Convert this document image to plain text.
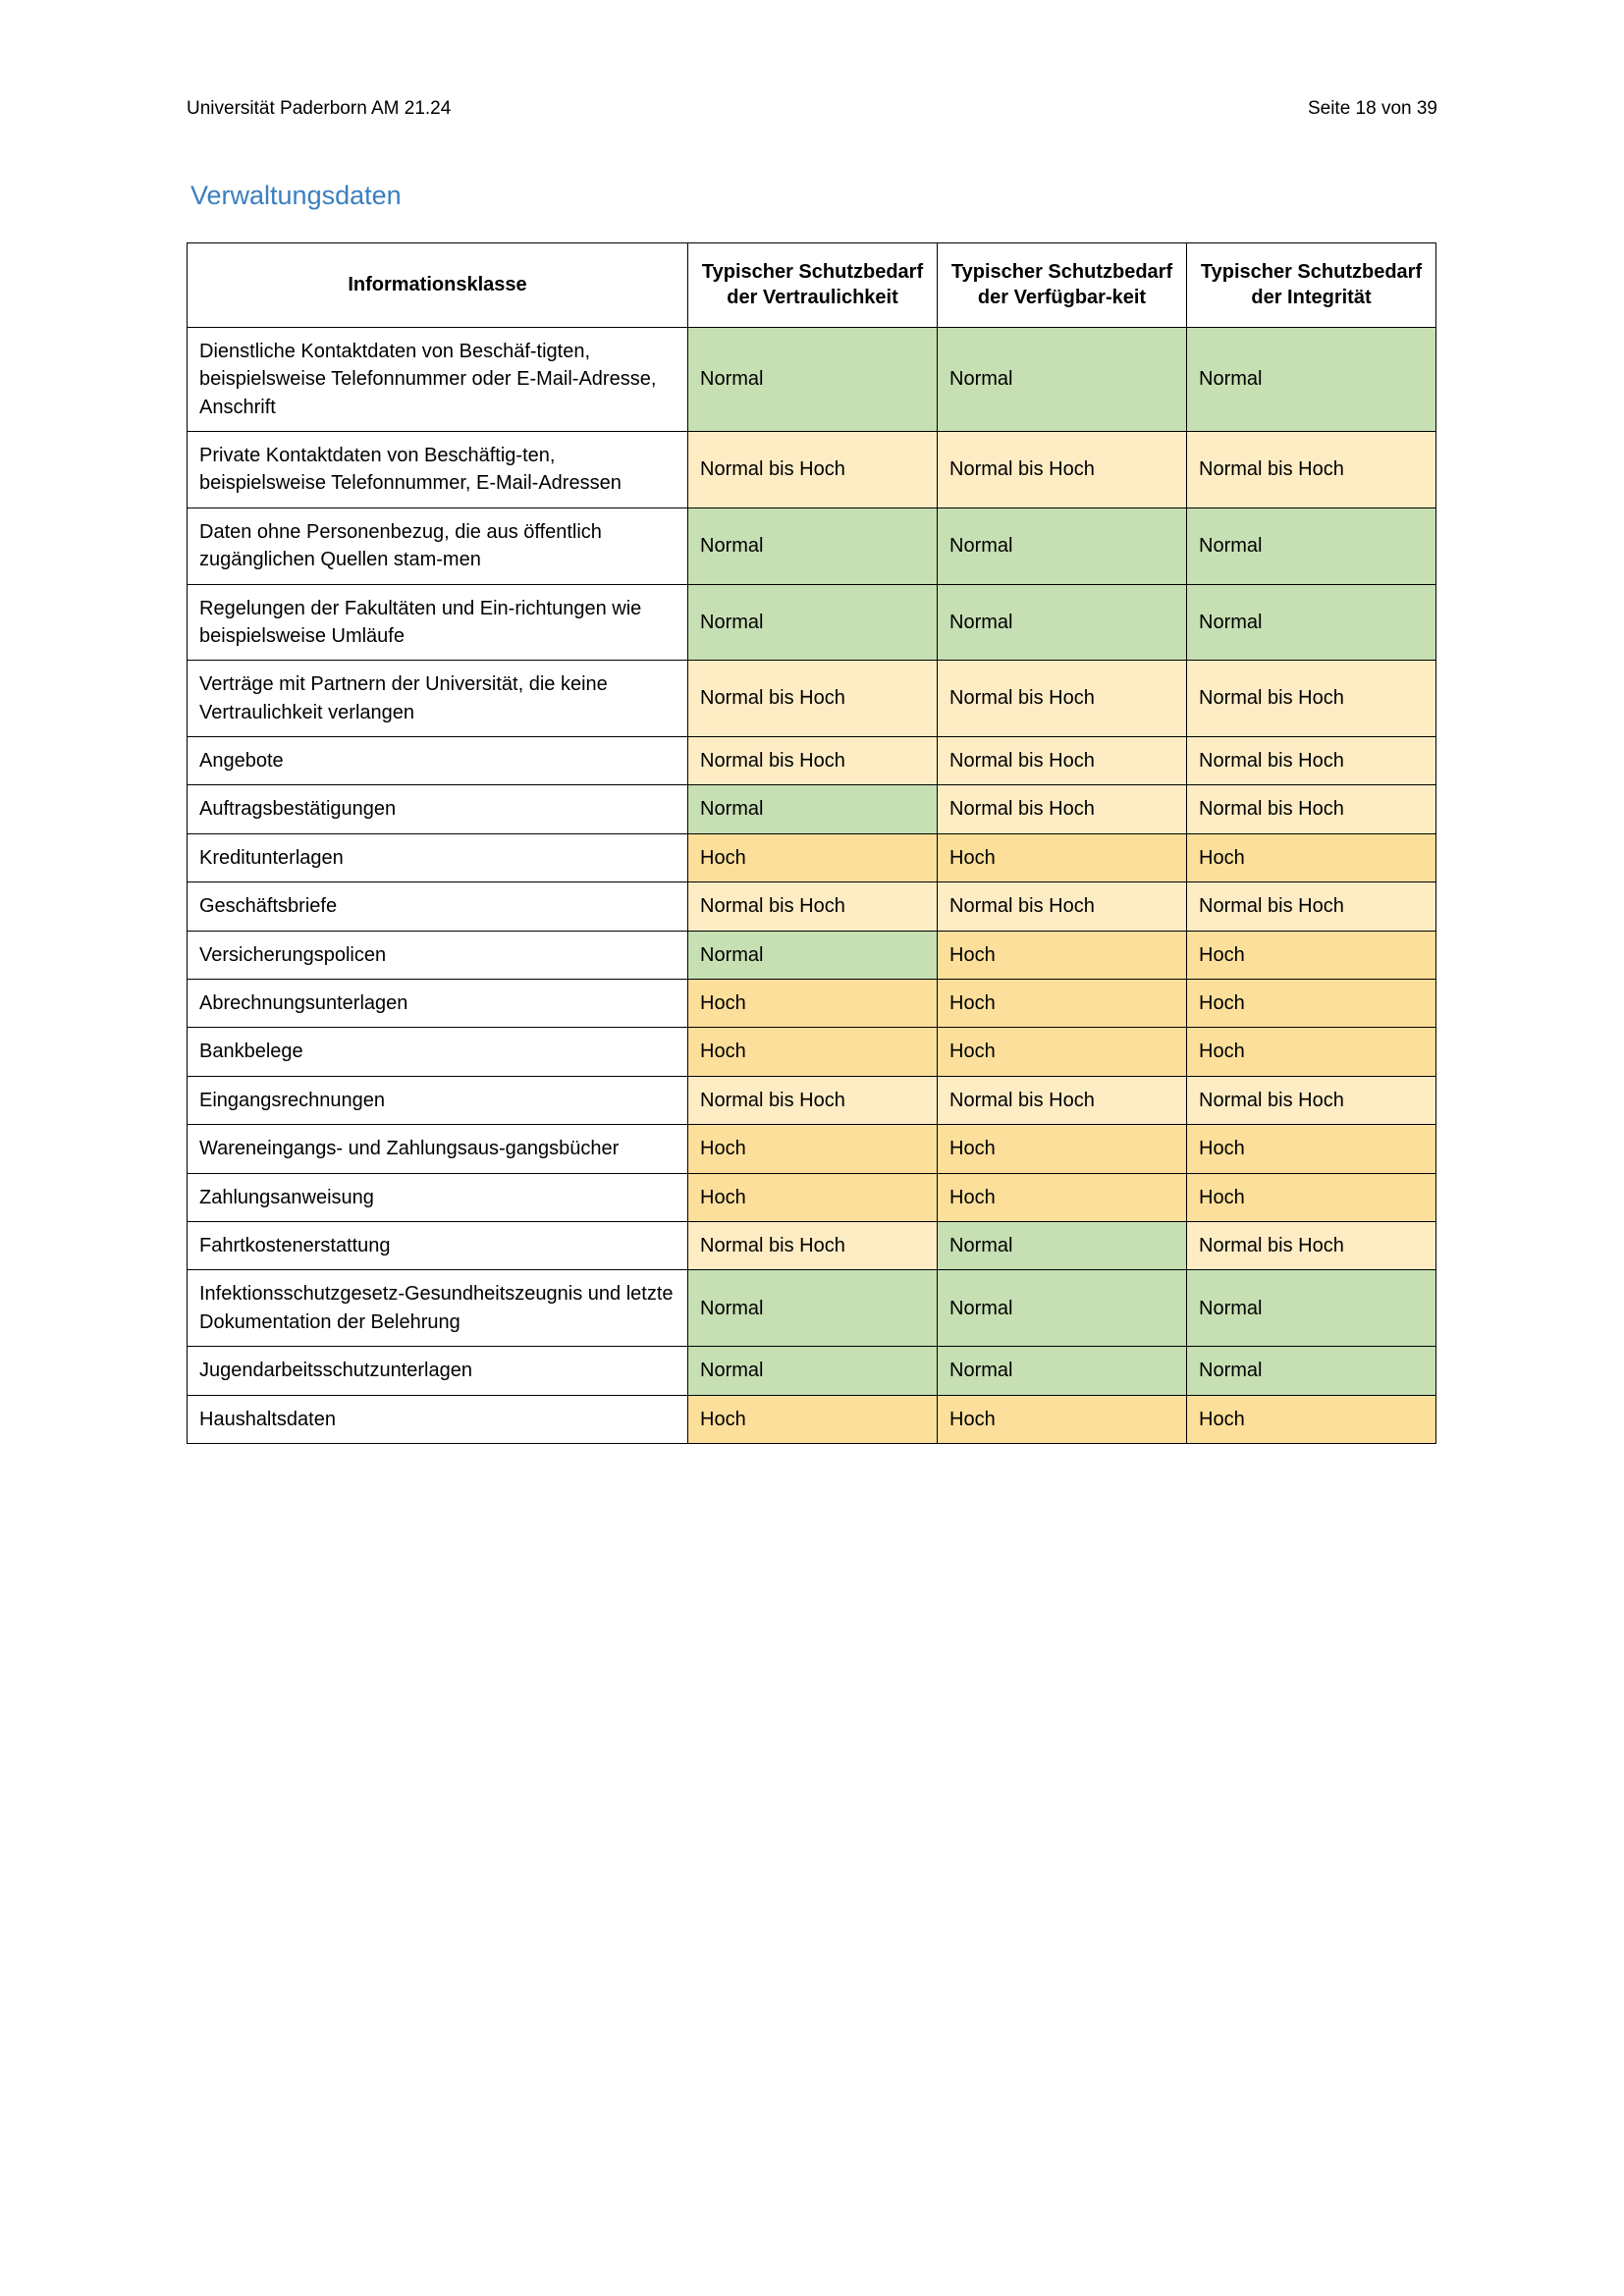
Universität Paderborn AM 21.24	Seite 18 von 39
Verwaltungsdaten
Informationsklasse	Typischer Schutzbedarf der Vertraulichkeit	Typischer Schutzbedarf der Verfügbar-keit	Typischer Schutzbedarf der Integrität
Dienstliche Kontaktdaten von Beschäf-tigten, beispielsweise Telefonnummer oder E-Mail-Adresse, Anschrift	Normal	Normal	Normal
Private Kontaktdaten von Beschäftig-ten, beispielsweise Telefonnummer, E-Mail-Adressen	Normal bis Hoch	Normal bis Hoch	Normal bis Hoch
Daten ohne Personenbezug, die aus öffentlich zugänglichen Quellen stam-men	Normal	Normal	Normal
Regelungen der Fakultäten und Ein-richtungen wie beispielsweise Umläufe	Normal	Normal	Normal
Verträge mit Partnern der Universität, die keine Vertraulichkeit verlangen	Normal bis Hoch	Normal bis Hoch	Normal bis Hoch
Angebote	Normal bis Hoch	Normal bis Hoch	Normal bis Hoch
Auftragsbestätigungen	Normal	Normal bis Hoch	Normal bis Hoch
Kreditunterlagen	Hoch	Hoch	Hoch
Geschäftsbriefe	Normal bis Hoch	Normal bis Hoch	Normal bis Hoch
Versicherungspolicen	Normal	Hoch	Hoch
Abrechnungsunterlagen	Hoch	Hoch	Hoch
Bankbelege	Hoch	Hoch	Hoch
Eingangsrechnungen	Normal bis Hoch	Normal bis Hoch	Normal bis Hoch
Wareneingangs- und Zahlungsaus-gangsbücher	Hoch	Hoch	Hoch
Zahlungsanweisung	Hoch	Hoch	Hoch
Fahrtkostenerstattung	Normal bis Hoch	Normal	Normal bis Hoch
Infektionsschutzgesetz-Gesundheitszeugnis und letzte Dokumentation der Belehrung	Normal	Normal	Normal
Jugendarbeitsschutzunterlagen	Normal	Normal	Normal
Haushaltsdaten	Hoch	Hoch	Hoch
